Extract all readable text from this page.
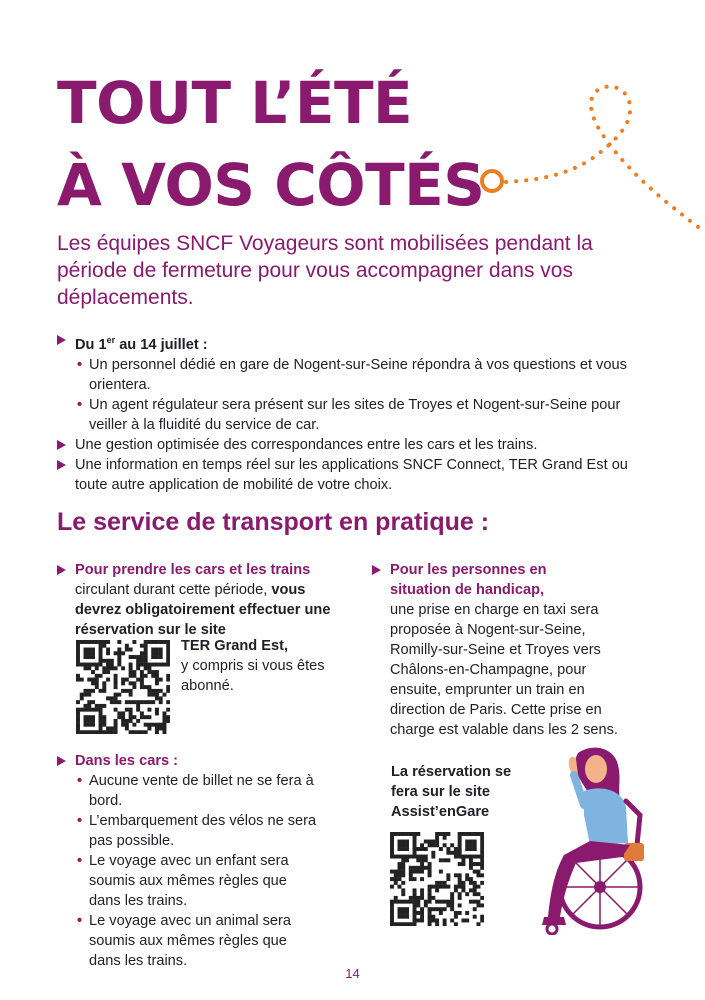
TOUT L’ÉTÉ
À VOS CÔTÉS

Les équipes SNCF Voyageurs sont mobilisées pendant la période de fermeture pour vous accompagner dans vos déplacements.

Du 1er au 14 juillet :
• Un personnel dédié en gare de Nogent-sur-Seine répondra à vos questions et vous orientera.
• Un agent régulateur sera présent sur les sites de Troyes et Nogent-sur-Seine pour veiller à la fluidité du service de car.
Une gestion optimisée des correspondances entre les cars et les trains.
Une information en temps réel sur les applications SNCF Connect, TER Grand Est ou toute autre application de mobilité de votre choix.
Le service de transport en pratique :
Pour prendre les cars et les trains
circulant durant cette période, vous devrez obligatoirement effectuer une réservation sur le site
TER Grand Est,
y compris si vous êtes abonné.
Dans les cars :
• Aucune vente de billet ne se fera à bord.
• L’embarquement des vélos ne sera pas possible.
• Le voyage avec un enfant sera soumis aux mêmes règles que dans les trains.
• Le voyage avec un animal sera soumis aux mêmes règles que dans les trains.
Pour les personnes en situation de handicap,
une prise en charge en taxi sera proposée à Nogent-sur-Seine, Romilly-sur-Seine et Troyes vers Châlons-en-Champagne, pour ensuite, emprunter un train en direction de Paris. Cette prise en charge est valable dans les 2 sens.
La réservation se fera sur le site Assist’enGare
14
